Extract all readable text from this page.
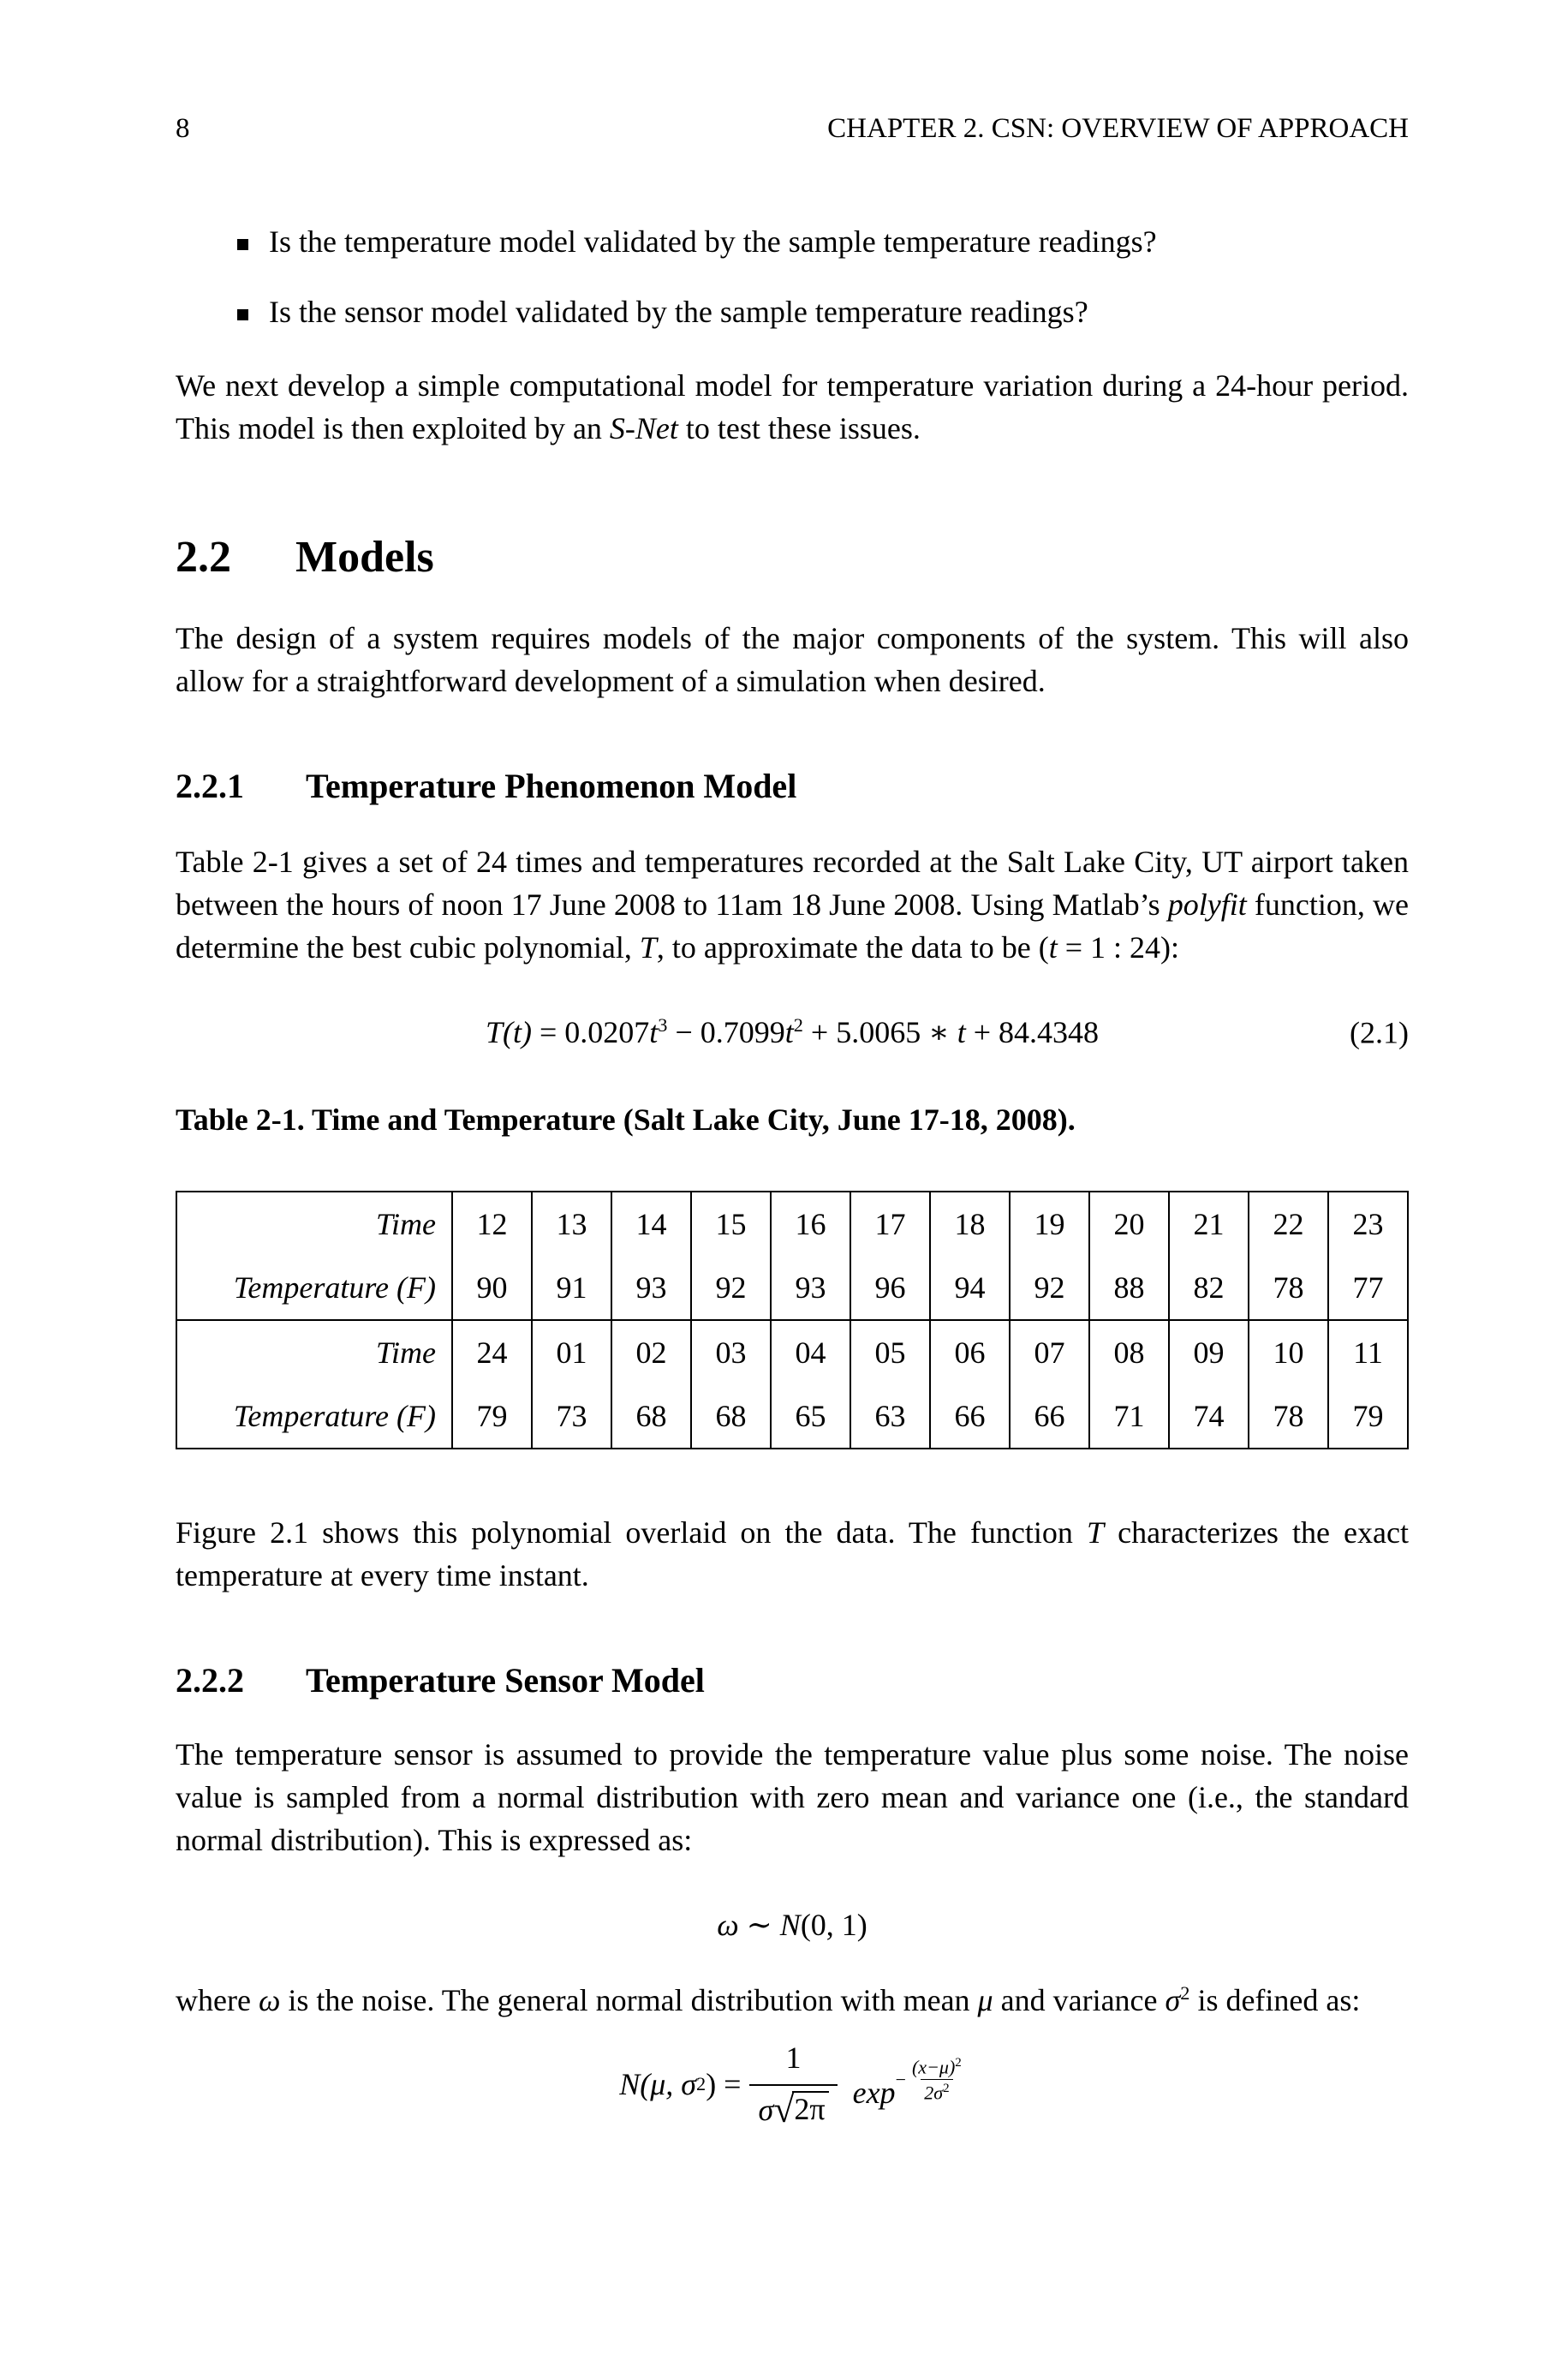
8	CHAPTER 2. CSN: OVERVIEW OF APPROACH
Is the temperature model validated by the sample temperature readings?
Is the sensor model validated by the sample temperature readings?

We next develop a simple computational model for temperature variation during a 24-hour period. This model is then exploited by an S-Net to test these issues.

2.2 Models

The design of a system requires models of the major components of the system. This will also allow for a straightforward development of a simulation when desired.

2.2.1 Temperature Phenomenon Model

Table 2-1 gives a set of 24 times and temperatures recorded at the Salt Lake City, UT airport taken between the hours of noon 17 June 2008 to 11am 18 June 2008. Using Matlab’s polyfit function, we determine the best cubic polynomial, T, to approximate the data to be (t = 1 : 24):

$T(t) = 0.0207t^3 - 0.7099t^2 + 5.0065$ ∗ t + 84.4348	(2.1)

Table 2-1. Time and Temperature (Salt Lake City, June 17-18, 2008).

Time	12	13	14	15	16	17	18	19	20	21	22	23
Temperature (F)	90	91	93	92	93	96	94	92	88	82	78	77
Time	24	01	02	03	04	05	06	07	08	09	10	11
Temperature (F)	79	73	68	68	65	63	66	66	71	74	78	79

Figure 2.1 shows this polynomial overlaid on the data. The function T characterizes the exact temperature at every time instant.

2.2.2 Temperature Sensor Model

The temperature sensor is assumed to provide the temperature value plus some noise. The noise value is sampled from a normal distribution with zero mean and variance one (i.e., the standard normal distribution). This is expressed as:

ω ∼ N(0, 1)

where ω is the noise. The general normal distribution with mean μ and variance $\sigma^2$ is defined as:

N (μ, σ 2 ) = $\frac{1}{\sigma √ 2\pi}$ $\exp - \frac{(x-\mu)^2}{2\sigma^2}$
